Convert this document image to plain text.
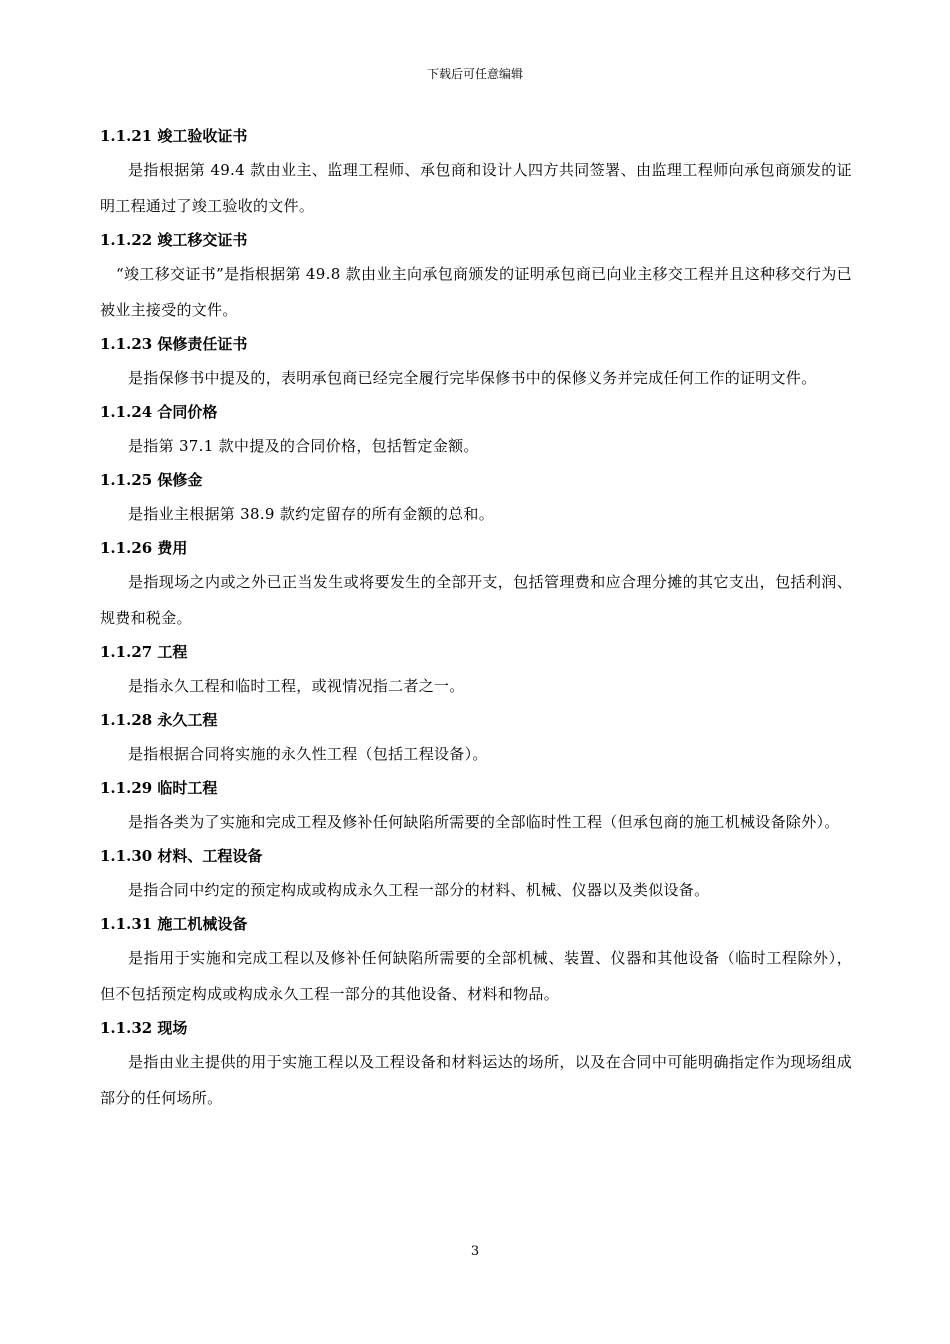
下载后可任意编辑
1.1.21 竣工验收证书

是指根据第 49.4 款由业主、监理工程师、承包商和设计人四方共同签署、由监理工程师向承包商颁发的证明工程通过了竣工验收的文件。

1.1.22 竣工移交证书

“竣工移交证书”是指根据第 49.8 款由业主向承包商颁发的证明承包商已向业主移交工程并且这种移交行为已被业主接受的文件。

1.1.23 保修责任证书

是指保修书中提及的，表明承包商已经完全履行完毕保修书中的保修义务并完成任何工作的证明文件。

1.1.24 合同价格

是指第 37.1 款中提及的合同价格，包括暂定金额。

1.1.25 保修金

是指业主根据第 38.9 款约定留存的所有金额的总和。

1.1.26 费用

是指现场之内或之外已正当发生或将要发生的全部开支，包括管理费和应合理分摊的其它支出，包括利润、规费和税金。

1.1.27 工程

是指永久工程和临时工程，或视情况指二者之一。

1.1.28 永久工程

是指根据合同将实施的永久性工程（包括工程设备）。

1.1.29 临时工程

是指各类为了实施和完成工程及修补任何缺陷所需要的全部临时性工程（但承包商的施工机械设备除外）。

1.1.30 材料、工程设备

是指合同中约定的预定构成或构成永久工程一部分的材料、机械、仪器以及类似设备。

1.1.31 施工机械设备

是指用于实施和完成工程以及修补任何缺陷所需要的全部机械、装置、仪器和其他设备（临时工程除外），但不包括预定构成或构成永久工程一部分的其他设备、材料和物品。

1.1.32 现场

是指由业主提供的用于实施工程以及工程设备和材料运达的场所，以及在合同中可能明确指定作为现场组成部分的任何场所。

3
